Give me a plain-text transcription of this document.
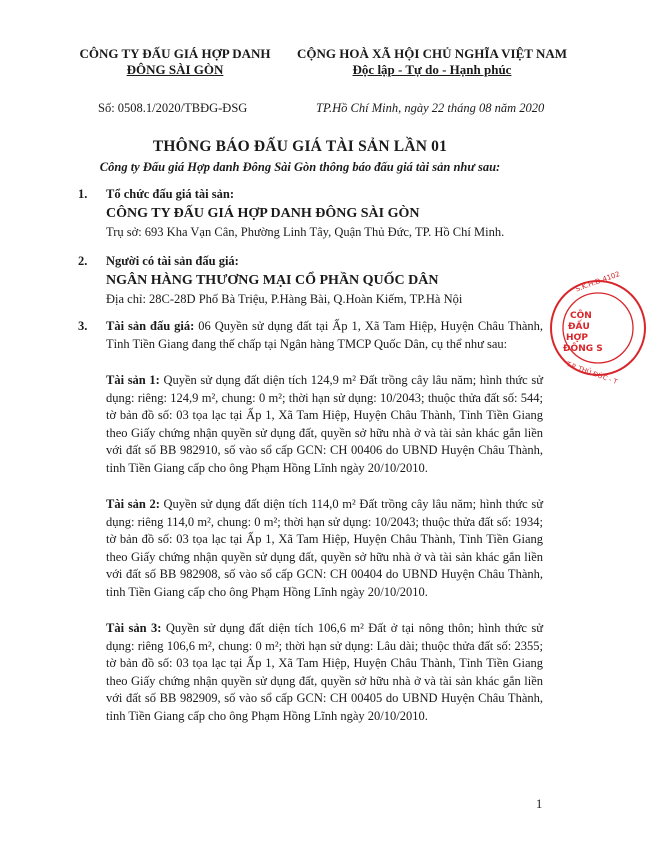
CÔNG TY ĐẤU GIÁ HỢP DANH
ĐÔNG SÀI GÒN
CỘNG HOÀ XÃ HỘI CHỦ NGHĨA VIỆT NAM
Độc lập - Tự do - Hạnh phúc
Số: 0508.1/2020/TBĐG-ĐSG	TP.Hồ Chí Minh, ngày 22 tháng 08 năm 2020
THÔNG BÁO ĐẤU GIÁ TÀI SẢN LẦN 01
Công ty Đấu giá Hợp danh Đông Sài Gòn thông báo đấu giá tài sản như sau:
1.	Tổ chức đấu giá tài sản:
CÔNG TY ĐẤU GIÁ HỢP DANH ĐÔNG SÀI GÒN
Trụ sở: 693 Kha Vạn Cân, Phường Linh Tây, Quận Thủ Đức, TP. Hồ Chí Minh.
2.	Người có tài sản đấu giá:
NGÂN HÀNG THƯƠNG MẠI CỔ PHẦN QUỐC DÂN
Địa chỉ: 28C-28D Phố Bà Triệu, P.Hàng Bài, Q.Hoàn Kiếm, TP.Hà Nội
3.	Tài sản đấu giá: 06 Quyền sử dụng đất tại Ấp 1, Xã Tam Hiệp, Huyện Châu Thành, Tỉnh Tiền Giang đang thế chấp tại Ngân hàng TMCP Quốc Dân, cụ thể như sau:
Tài sản 1: Quyền sử dụng đất diện tích 124,9 m² Đất trồng cây lâu năm; hình thức sử dụng: riêng: 124,9 m², chung: 0 m²; thời hạn sử dụng: 10/2043; thuộc thửa đất số: 544; tờ bản đồ số: 03 tọa lạc tại Ấp 1, Xã Tam Hiệp, Huyện Châu Thành, Tỉnh Tiền Giang theo Giấy chứng nhận quyền sử dụng đất, quyền sở hữu nhà ở và tài sản khác gắn liền với đất số BB 982910, số vào sổ cấp GCN: CH 00406 do UBND Huyện Châu Thành, tỉnh Tiền Giang cấp cho ông Phạm Hồng Lĩnh ngày 20/10/2010.
Tài sản 2: Quyền sử dụng đất diện tích 114,0 m² Đất trồng cây lâu năm; hình thức sử dụng: riêng 114,0 m², chung: 0 m²; thời hạn sử dụng: 10/2043; thuộc thửa đất số: 1934; tờ bản đồ số: 03 tọa lạc tại Ấp 1, Xã Tam Hiệp, Huyện Châu Thành, Tỉnh Tiền Giang theo Giấy chứng nhận quyền sử dụng đất, quyền sở hữu nhà ở và tài sản khác gắn liền với đất số BB 982908, số vào sổ cấp GCN: CH 00404 do UBND Huyện Châu Thành, tỉnh Tiền Giang cấp cho ông Phạm Hồng Lĩnh ngày 20/10/2010.
Tài sản 3: Quyền sử dụng đất diện tích 106,6 m² Đất ở tại nông thôn; hình thức sử dụng: riêng 106,6 m², chung: 0 m²; thời hạn sử dụng: Lâu dài; thuộc thửa đất số: 2355; tờ bản đồ số: 03 tọa lạc tại Ấp 1, Xã Tam Hiệp, Huyện Châu Thành, Tỉnh Tiền Giang theo Giấy chứng nhận quyền sử dụng đất, quyền sở hữu nhà ở và tài sản khác gắn liền với đất số BB 982909, số vào sổ cấp GCN: CH 00405 do UBND Huyện Châu Thành, tỉnh Tiền Giang cấp cho ông Phạm Hồng Lĩnh ngày 20/10/2010.
S.K.H.Đ-4102
CÔN
ĐẤU
HỢP
ĐÔNG S
T.P. THỦ ĐỨC - T
1
